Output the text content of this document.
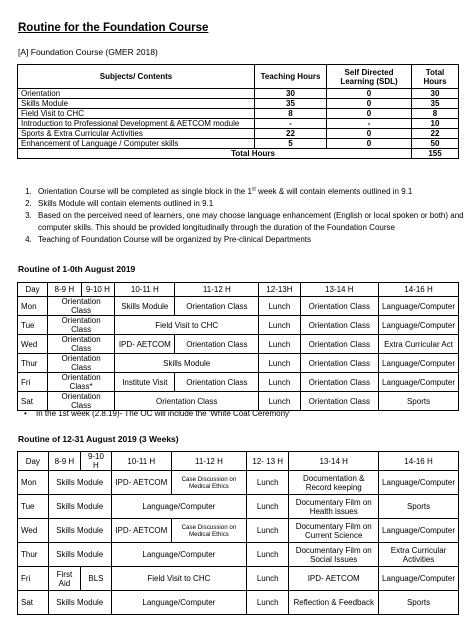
Routine for the Foundation Course
[A] Foundation Course (GMER 2018)
Subjects/ Contents	Teaching Hours	Self Directed Learning (SDL)	Total Hours
Orientation	30	0	30
Skills Module	35	0	35
Field Visit to CHC	8	0	8
Introduction to Professional Development & AETCOM module	-	-	10
Sports & Extra Curricular Activities	22	0	22
Enhancement of Language / Computer skills	5	0	50
Total Hours			155
1. Orientation Course will be completed as single block in the 1st week & will contain elements outlined in 9.1
2. Skills Module will contain elements outlined in 9.1
3. Based on the perceived need of learners, one may choose language enhancement (English or local spoken or both) and computer skills. This should be provided longitudinally through the duration of the Foundation Course
4. Teaching of Foundation Course will be organized by Pre-clinical Departments
Routine of 1-0th August 2019
Day	8-9 H	9-10 H	10-11 H	11-12 H	12-13H	13-14 H	14-16 H
Mon	Orientation Class		Skills Module	Orientation Class	Lunch	Orientation Class	Language/Computer
Tue	Orientation Class		Field Visit to CHC		Lunch	Orientation Class	Language/Computer
Wed	Orientation Class		IPD- AETCOM	Orientation Class	Lunch	Orientation Class	Extra Curricular Act
Thur	Orientation Class		Skills Module		Lunch	Orientation Class	Language/Computer
Fri	Orientation Class*		Institute Visit	Orientation Class	Lunch	Orientation Class	Language/Computer
Sat	Orientation Class		Orientation Class		Lunch	Orientation Class	Sports
• In the 1st week (2.8.19)- The OC will include the 'White Coat Ceremony'
Routine of 12-31 August 2019 (3 Weeks)
Day	8-9 H	9-10 H	10-11 H	11-12 H	12- 13 H	13-14 H	14-16 H
Mon	Skills Module		IPD- AETCOM	Case Discussion on Medical Ethics	Lunch	Documentation & Record keeping	Language/Computer
Tue	Skills Module		Language/Computer		Lunch	Documentary Film on Health issues	Sports
Wed	Skills Module		IPD- AETCOM	Case Discussion on Medical Ethics	Lunch	Documentary Film on Current Science	Language/Computer
Thur	Skills Module		Language/Computer		Lunch	Documentary Film on Social Issues	Extra Curricular Activities
Fri	First Aid	BLS	Field Visit to CHC		Lunch	IPD- AETCOM	Language/Computer
Sat	Skills Module		Language/Computer		Lunch	Reflection & Feedback	Sports
